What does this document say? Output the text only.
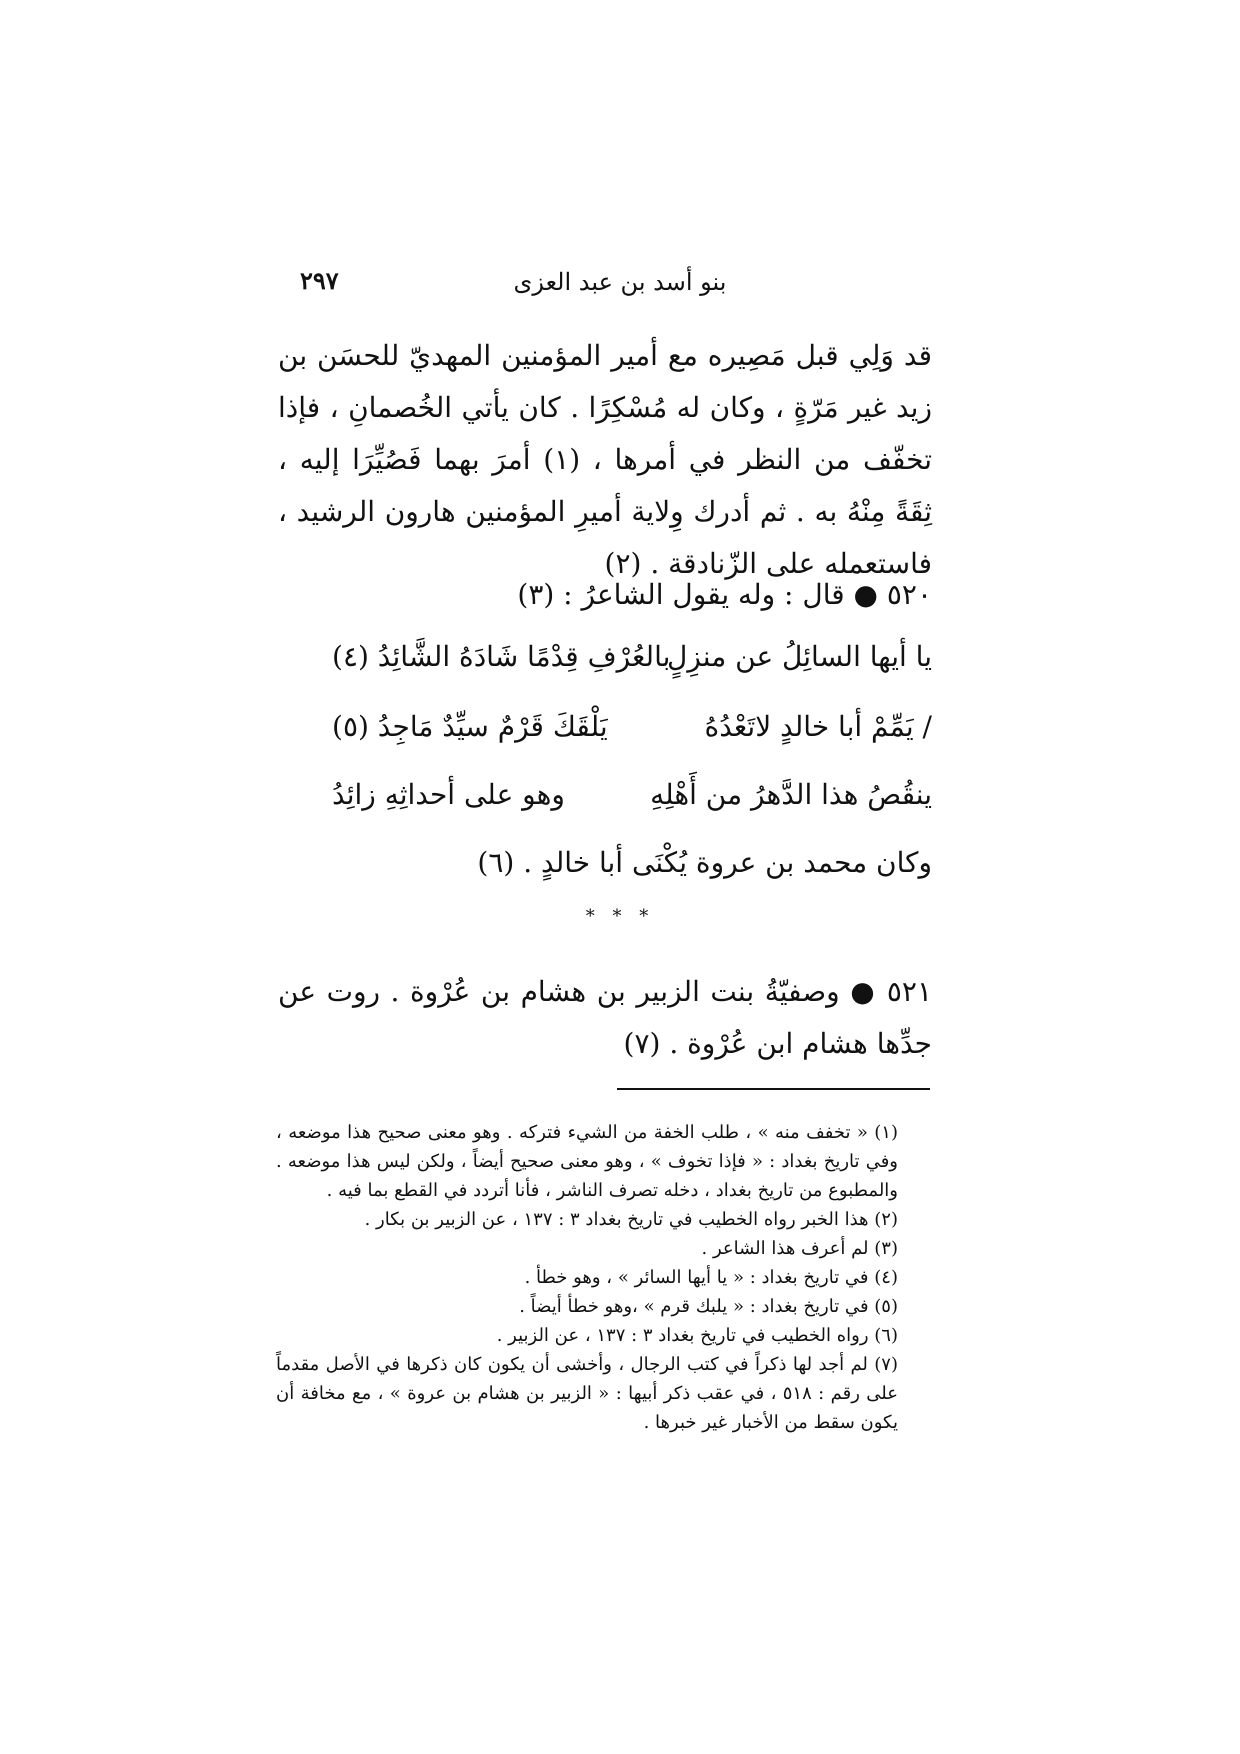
بنو أسد بن عبد العزى
٢٩٧
قد وَلِي قبل مَصِيره مع أمير المؤمنين المهديّ للحسَن بن زيد غير مَرّةٍ ، وكان له مُسْكِرًا . كان يأتي الخُصمانِ ، فإذا تخفّف من النظر في أمرها ، (١) أمرَ بهما فَصُيِّرَا إليه ، ثِقَةً مِنْهُ به . ثم أدرك وِلاية أميرِ المؤمنين هارون الرشيد ، فاستعمله على الزّنادقة . (٢)
٥٢٠ ● قال : وله يقول الشاعرُ : (٣)
يا أيها السائِلُ عن منزِلٍ
بالعُرْفِ قِدْمًا شَادَهُ الشَّائِدُ (٤)
/ يَمِّمْ أبا خالدٍ لاتَعْدُهُ
يَلْقَكَ قَرْمٌ سيِّدٌ مَاجِدُ (٥)
ينقُصُ هذا الدَّهرُ من أَهْلِهِ
وهو على أحداثِهِ زائِدُ
وكان محمد بن عروة يُكْنَى أبا خالدٍ . (٦)
* * *
٥٢١ ● وصفيّةُ بنت الزبير بن هشام بن عُرْوة . روت عن جدِّها هشام ابن عُرْوة . (٧)
(١) « تخفف منه » ، طلب الخفة من الشيء فتركه . وهو معنى صحيح هذا موضعه ، وفي تاريخ بغداد : « فإذا تخوف » ، وهو معنى صحيح أيضاً ، ولكن ليس هذا موضعه . والمطبوع من تاريخ بغداد ، دخله تصرف الناشر ، فأنا أتردد في القطع بما فيه .
(٢) هذا الخبر رواه الخطيب في تاريخ بغداد ٣ : ١٣٧ ، عن الزبير بن بكار .
(٣) لم أعرف هذا الشاعر .
(٤) في تاريخ بغداد : « يا أيها السائر » ، وهو خطأ .
(٥) في تاريخ بغداد : « يلبك قرم » ،وهو خطأ أيضاً .
(٦) رواه الخطيب في تاريخ بغداد ٣ : ١٣٧ ، عن الزبير .
(٧) لم أجد لها ذكراً في كتب الرجال ، وأخشى أن يكون كان ذكرها في الأصل مقدماً على رقم : ٥١٨ ، في عقب ذكر أبيها : « الزبير بن هشام بن عروة » ، مع مخافة أن يكون سقط من الأخبار غير خبرها .
